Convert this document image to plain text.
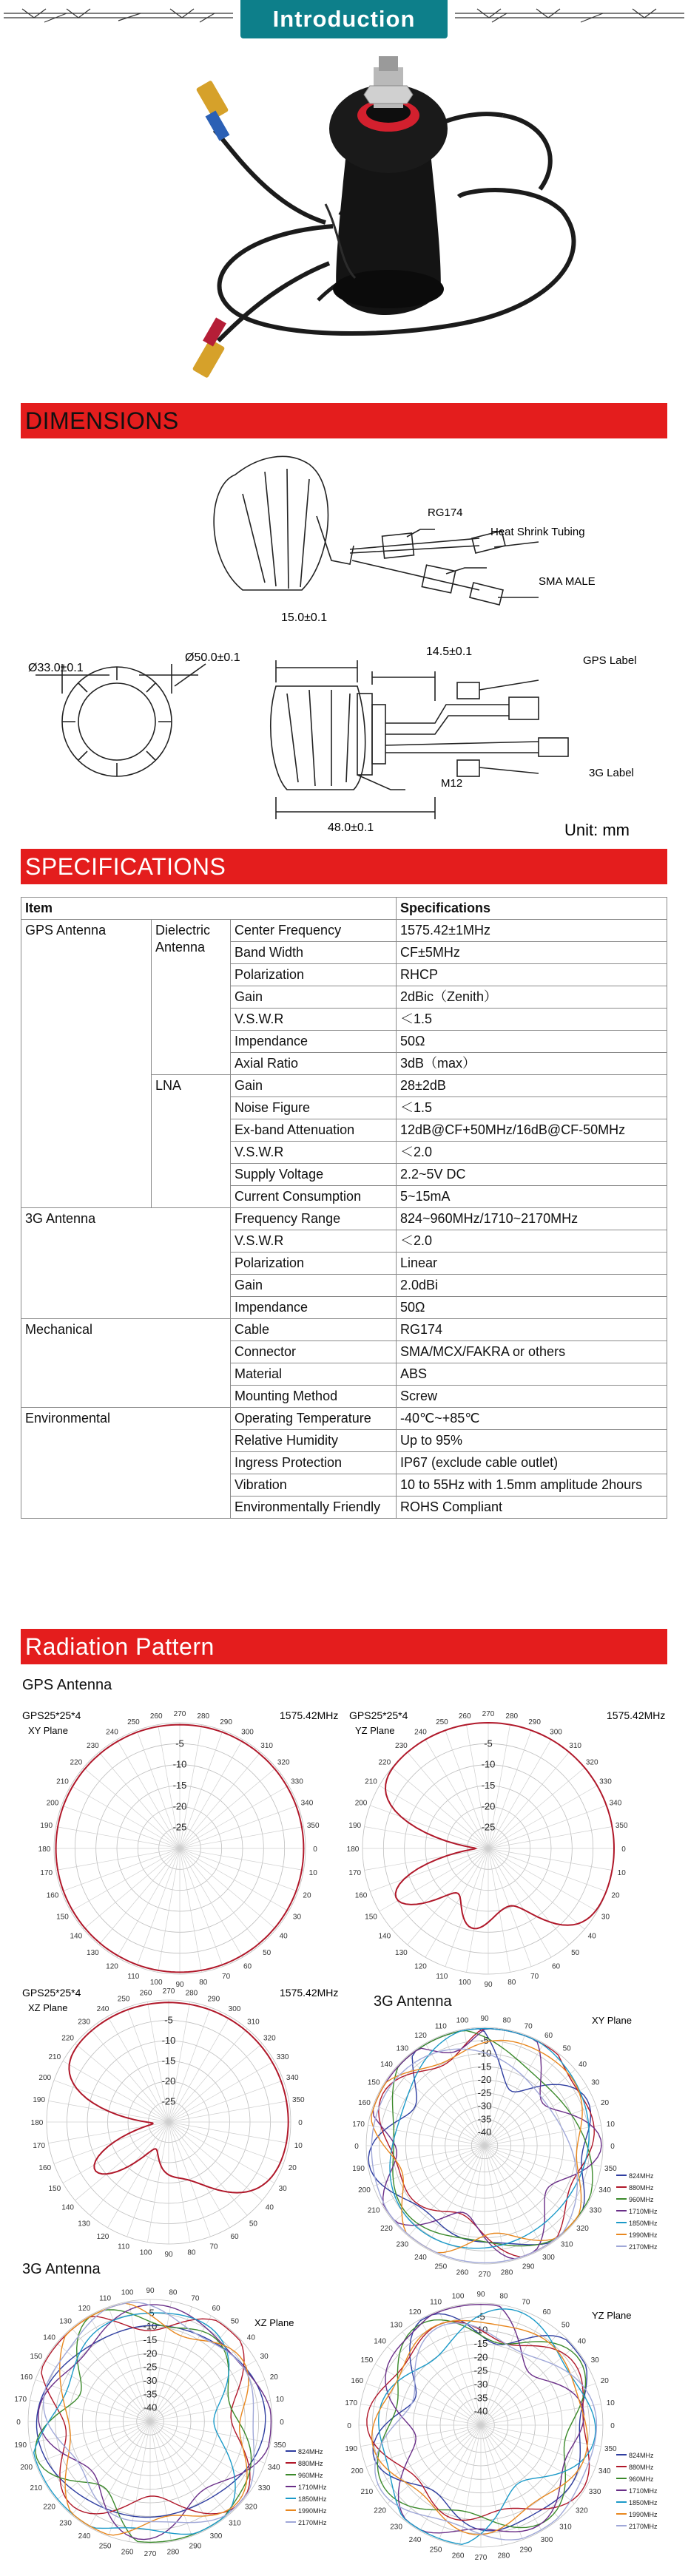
Introduction
DIMENSIONS
RG174
Heat Shrink Tubing
SMA MALE
GPS Label
3G Label
M12
Ø33.0±0.1
Ø50.0±0.1
15.0±0.1
14.5±0.1
48.0±0.1	Unit: mm
SPECIFICATIONS
Item			Specifications
GPS Antenna	Dielectric Antenna	Center Frequency	1575.42±1MHz
		Band Width	CF±5MHz
		Polarization	RHCP
		Gain	2dBic（Zenith）
		V.S.W.R	＜1.5
		Impendance	50Ω
		Axial Ratio	3dB（max）
	LNA	Gain	28±2dB
		Noise Figure	＜1.5
		Ex-band Attenuation	12dB@CF+50MHz/16dB@CF-50MHz
		V.S.W.R	＜2.0
		Supply Voltage	2.2~5V DC
		Current Consumption	5~15mA
3G Antenna		Frequency Range	824~960MHz/1710~2170MHz
		V.S.W.R	＜2.0
		Polarization	Linear
		Gain	2.0dBi
		Impendance	50Ω
Mechanical		Cable	RG174
		Connector	SMA/MCX/FAKRA or others
		Material	ABS
		Mounting Method	Screw
Environmental		Operating Temperature	-40℃~+85℃
		Relative Humidity	Up to 95%
		Ingress Protection	IP67 (exclude cable outlet)
		Vibration	10 to 55Hz with 1.5mm amplitude 2hours
		Environmentally Friendly	ROHS Compliant
Radiation Pattern
GPS Antenna
3G Antenna
3G Antenna
GPS25*25*4
XY Plane
1575.42MHz
270 280
290
300
310
320
330
340
350
0
10
20
30
40
50
60
70
80
90
100
110
120
130
140
150
160
170
180
190
200
210
220
230
240
250
260
-5
-10
-15
-20
-25
GPS25*25*4
YZ Plane
1575.42MHz
270 280
290
300
310
320
330
340
350
0
10
20
30
40
50
60
70
80
90
100
110
120
130
140
150
160
170
180
190
200
210
220
230
240
250
260
-5
-10
-15
-20
-25
GPS25*25*4
XZ Plane
1575.42MHz
270 280
290
300
310
320
330
340
350
0
10
20
30
40
50
60
70
80
90
100
110
120
130
140
150
160
170
180
190
200
210
220
230
240
250
260
-5
-10
-15
-20
-25
XY Plane
90 80
70
60
50
40
30
20
10
0
350
340
330
320
310
300
290
280
270
260
250
240
230
220
210
200
190
0
170
160
150
140
130
120
110
100
-5
-10
-15
-20
-25
-30
-35
-40
824MHz
880MHz
960MHz
1710MHz
1850MHz
1990MHz
2170MHz
XZ Plane
90 80
70
60
50
40
30
20
10
0
350
340
330
320
310
300
290
280
270
260
250
240
230
220
210
200
190
0
170
160
150
140
130
120
110
100
-5
-10
-15
-20
-25
-30
-35
-40
824MHz
880MHz
960MHz
1710MHz
1850MHz
1990MHz
2170MHz
YZ Plane
90 80
70
60
50
40
30
20
10
0
350
340
330
320
310
300
290
280
270
260
250
240
230
220
210
200
190
0
170
160
150
140
130
120
110
100
-5
-10
-15
-20
-25
-30
-35
-40
824MHz
880MHz
960MHz
1710MHz
1850MHz
1990MHz
2170MHz
